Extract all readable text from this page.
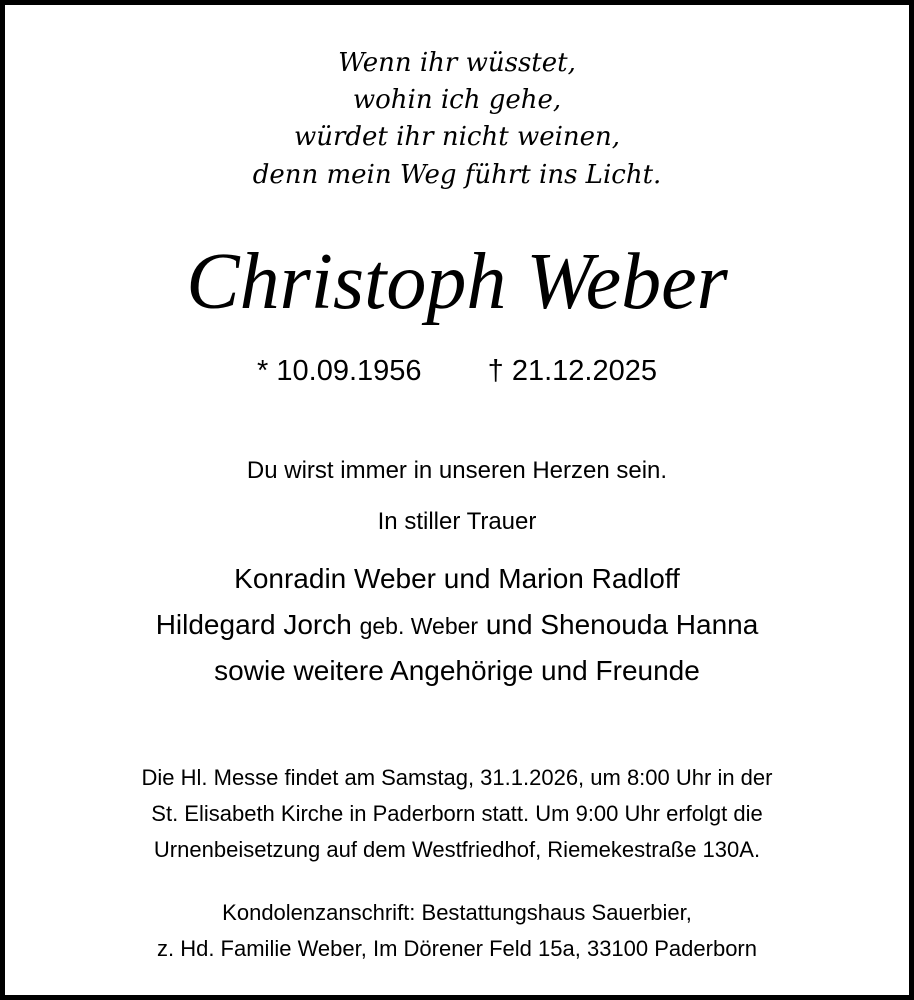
Wenn ihr wüsstet,
wohin ich gehe,
würdet ihr nicht weinen,
denn mein Weg führt ins Licht.
Christoph Weber
* 10.09.1956 † 21.12.2025
Du wirst immer in unseren Herzen sein.
In stiller Trauer
Konradin Weber und Marion Radloff
Hildegard Jorch geb. Weber und Shenouda Hanna
sowie weitere Angehörige und Freunde
Die Hl. Messe findet am Samstag, 31.1.2026, um 8:00 Uhr in der
St. Elisabeth Kirche in Paderborn statt. Um 9:00 Uhr erfolgt die
Urnenbeisetzung auf dem Westfriedhof, Riemekestraße 130A.
Kondolenzanschrift: Bestattungshaus Sauerbier,
z. Hd. Familie Weber, Im Dörener Feld 15a, 33100 Paderborn
